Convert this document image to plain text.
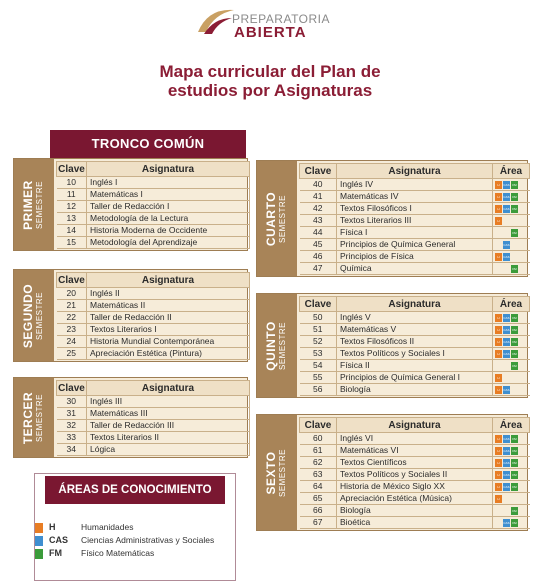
PREPARATORIA
ABIERTA
Mapa curricular del Plan de
estudios por Asignaturas
TRONCO COMÚN
PRIMER SEMESTRE
Clave	Asignatura
10	Inglés I
11	Matemáticas I
12	Taller de Redacción I
13	Metodología de la Lectura
14	Historia Moderna de Occidente
15	Metodología del Aprendizaje
SEGUNDO SEMESTRE
Clave	Asignatura
20	Inglés II
21	Matemáticas II
22	Taller de Redacción II
23	Textos Literarios I
24	Historia Mundial Contemporánea
25	Apreciación Estética (Pintura)
TERCER SEMESTRE
Clave	Asignatura
30	Inglés III
31	Matemáticas III
32	Taller de Redacción III
33	Textos Literarios II
34	Lógica
CUARTO SEMESTRE
Clave	Asignatura	Área
40	Inglés IV	H CAS FM
41	Matemáticas IV	H CAS FM
42	Textos Filosóficos I	H CAS FM
43	Textos Literarios III	H
44	Física I	FM
45	Principios de Química General	CAS
46	Principios de Física	H CAS
47	Química	FM
QUINTO SEMESTRE
Clave	Asignatura	Área
50	Inglés V	H CAS FM
51	Matemáticas V	H CAS FM
52	Textos Filosóficos II	H CAS FM
53	Textos Políticos y Sociales I	H CAS FM
54	Física II	FM
55	Principios de Química General I	H
56	Biología	H CAS
SEXTO SEMESTRE
Clave	Asignatura	Área
60	Inglés VI	H CAS FM
61	Matemáticas VI	H CAS FM
62	Textos Científicos	H CAS FM
63	Textos Políticos y Sociales II	H CAS FM
64	Historia de México Siglo XX	H CAS FM
65	Apreciación Estética (Música)	H
66	Biología	FM
67	Bioética	CAS FM
ÁREAS DE CONOCIMIENTO
H	Humanidades
CAS Ciencias Administrativas y Sociales
FM Físico Matemáticas
